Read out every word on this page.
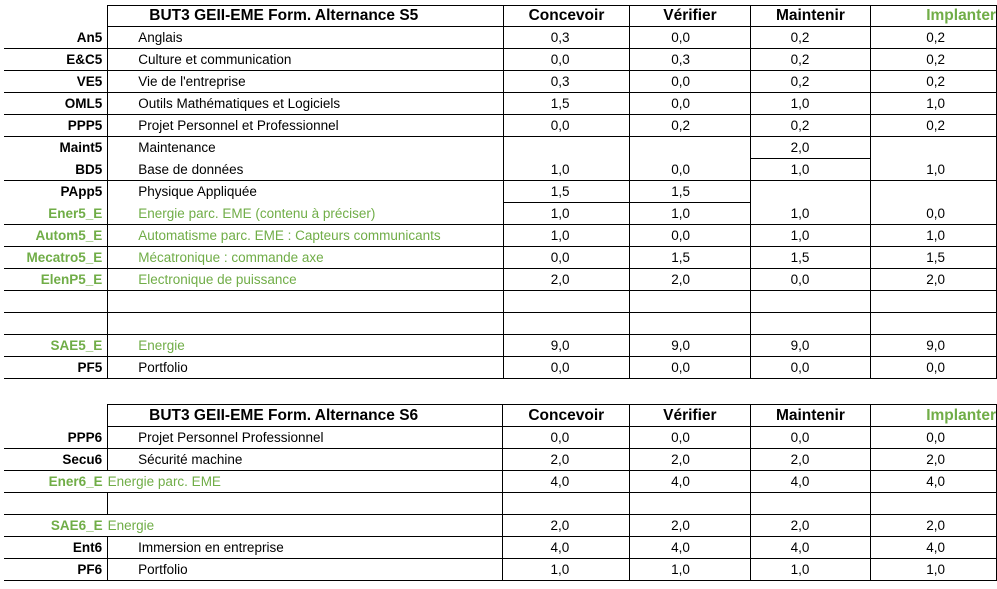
	BUT3 GEII-EME Form. Alternance S5	Concevoir	Vérifier	Maintenir	Implanter
An5	Anglais	0,3	0,0	0,2	0,2
E&C5	Culture et communication	0,0	0,3	0,2	0,2
VE5	Vie de l'entreprise	0,3	0,0	0,2	0,2
OML5	Outils Mathématiques et Logiciels	1,5	0,0	1,0	1,0
PPP5	Projet Personnel et Professionnel	0,0	0,2	0,2	0,2
Maint5	Maintenance			2,0	
BD5	Base de données	1,0	0,0	1,0	1,0
PApp5	Physique Appliquée	1,5	1,5		
Ener5_E	Energie parc. EME (contenu à préciser)	1,0	1,0	1,0	0,0
Autom5_E	Automatisme parc. EME : Capteurs communicants	1,0	0,0	1,0	1,0
Mecatro5_E	Mécatronique : commande axe	0,0	1,5	1,5	1,5
ElenP5_E	Electronique de puissance	2,0	2,0	0,0	2,0

SAE5_E	Energie	9,0	9,0	9,0	9,0
PF5	Portfolio	0,0	0,0	0,0	0,0
	BUT3 GEII-EME Form. Alternance S6	Concevoir	Vérifier	Maintenir	Implanter
PPP6	Projet Personnel Professionnel	0,0	0,0	0,0	0,0
Secu6	Sécurité machine	2,0	2,0	2,0	2,0
Ener6_E	Energie parc. EME	4,0	4,0	4,0	4,0

SAE6_E	Energie	2,0	2,0	2,0	2,0
Ent6	Immersion en entreprise	4,0	4,0	4,0	4,0
PF6	Portfolio	1,0	1,0	1,0	1,0
